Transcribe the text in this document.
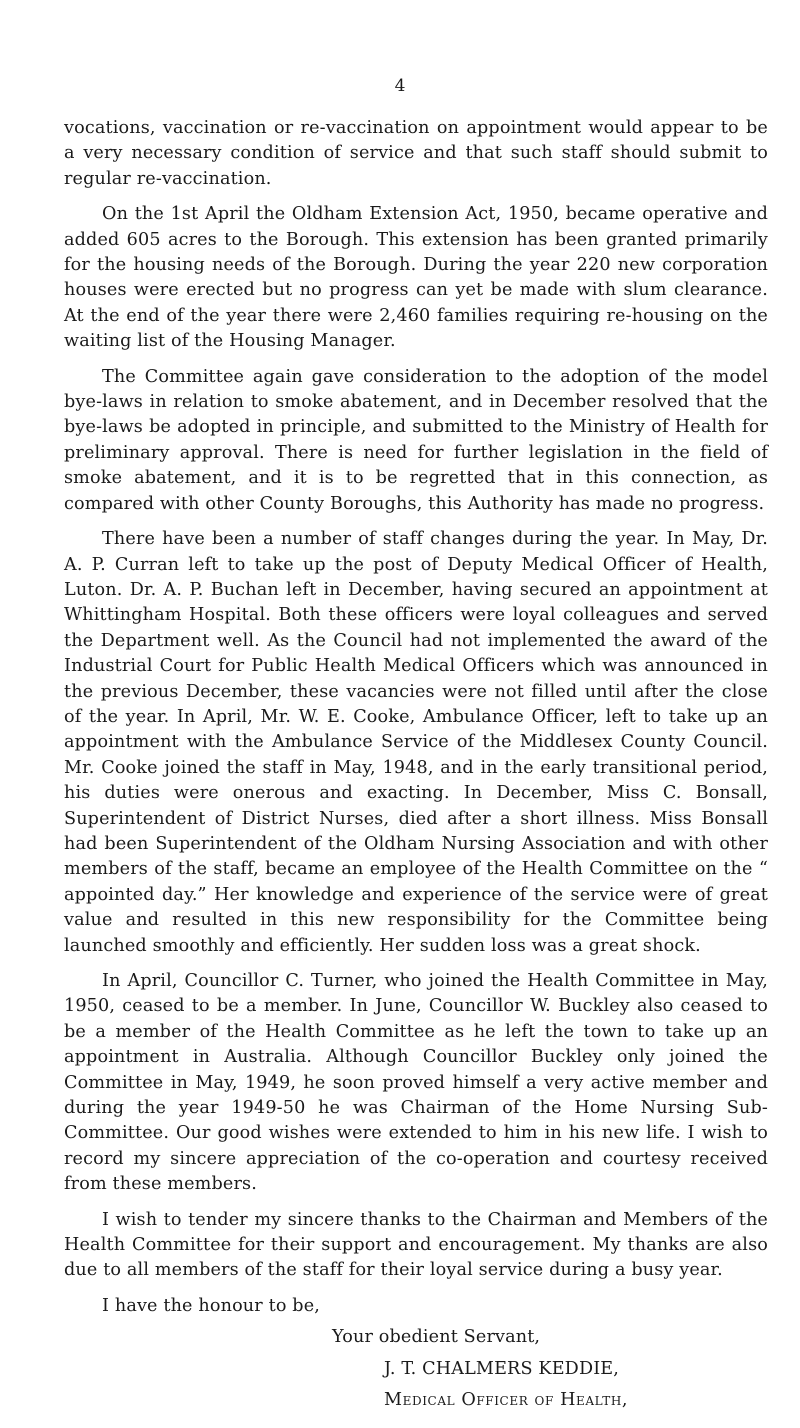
4

vocations, vaccination or re-vaccination on appointment would appear to be a very necessary condition of service and that such staff should submit to regular re-vaccination.

On the 1st April the Oldham Extension Act, 1950, became operative and added 605 acres to the Borough. This extension has been granted primarily for the housing needs of the Borough. During the year 220 new corporation houses were erected but no progress can yet be made with slum clearance. At the end of the year there were 2,460 families requiring re-housing on the waiting list of the Housing Manager.

The Committee again gave consideration to the adoption of the model bye-laws in relation to smoke abatement, and in December resolved that the bye-laws be adopted in principle, and submitted to the Ministry of Health for preliminary approval. There is need for further legislation in the field of smoke abatement, and it is to be regretted that in this connection, as compared with other County Boroughs, this Authority has made no progress.

There have been a number of staff changes during the year. In May, Dr. A. P. Curran left to take up the post of Deputy Medical Officer of Health, Luton. Dr. A. P. Buchan left in December, having secured an appointment at Whittingham Hospital. Both these officers were loyal colleagues and served the Department well. As the Council had not implemented the award of the Industrial Court for Public Health Medical Officers which was announced in the previous December, these vacancies were not filled until after the close of the year. In April, Mr. W. E. Cooke, Ambulance Officer, left to take up an appointment with the Ambulance Service of the Middlesex County Council. Mr. Cooke joined the staff in May, 1948, and in the early transitional period, his duties were onerous and exacting. In December, Miss C. Bonsall, Superintendent of District Nurses, died after a short illness. Miss Bonsall had been Superintendent of the Oldham Nursing Association and with other members of the staff, became an employee of the Health Committee on the “ appointed day.” Her knowledge and experience of the service were of great value and resulted in this new responsibility for the Committee being launched smoothly and efficiently. Her sudden loss was a great shock.

In April, Councillor C. Turner, who joined the Health Committee in May, 1950, ceased to be a member. In June, Councillor W. Buckley also ceased to be a member of the Health Committee as he left the town to take up an appointment in Australia. Although Councillor Buckley only joined the Committee in May, 1949, he soon proved himself a very active member and during the year 1949-50 he was Chairman of the Home Nursing Sub-Committee. Our good wishes were extended to him in his new life. I wish to record my sincere appreciation of the co-operation and courtesy received from these members.

I wish to tender my sincere thanks to the Chairman and Members of the Health Committee for their support and encouragement. My thanks are also due to all members of the staff for their loyal service during a busy year.

I have the honour to be,

Your obedient Servant,
J. T. CHALMERS KEDDIE,
Medical Officer of Health,
